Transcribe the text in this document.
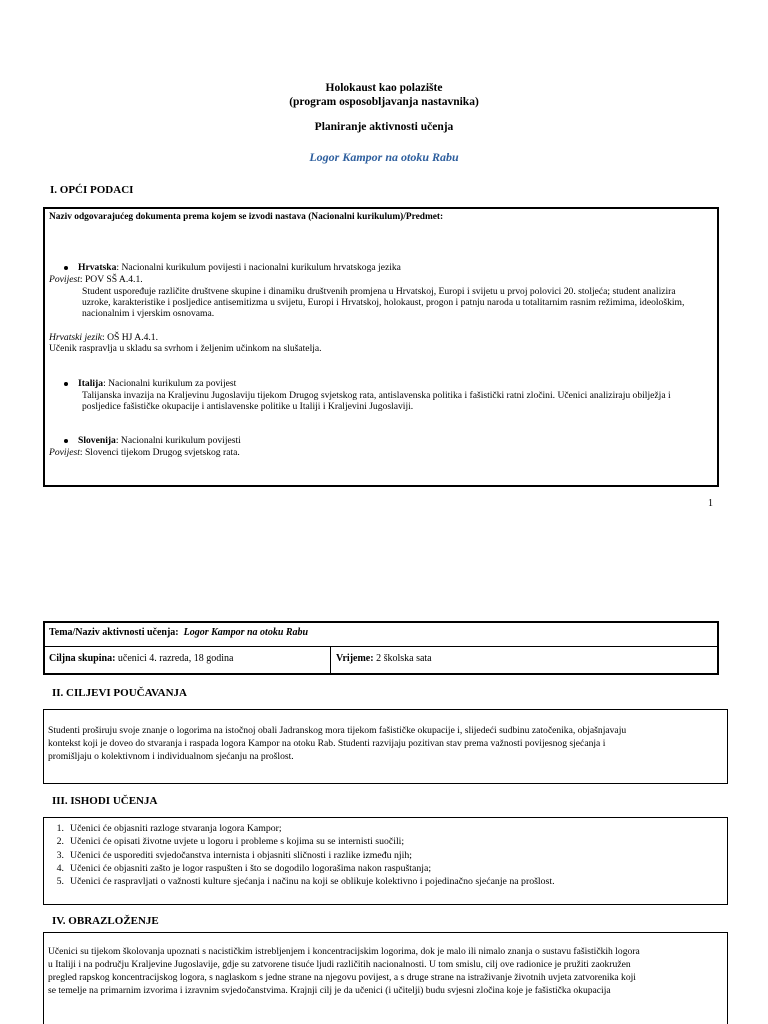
Holokaust kao polazište
(program osposobljavanja nastavnika)
Planiranje aktivnosti učenja
Logor Kampor na otoku Rabu
I. OPĆI PODACI
Naziv odgovarajućeg dokumenta prema kojem se izvodi nastava (Nacionalni kurikulum)/Predmet:
Hrvatska: Nacionalni kurikulum povijesti i nacionalni kurikulum hrvatskoga jezika
Povijest: POV SŠ A.4.1.
Student uspoređuje različite društvene skupine i dinamiku društvenih promjena u Hrvatskoj, Europi i svijetu u prvoj polovici 20. stoljeća; student analizira
uzroke, karakteristike i posljedice antisemitizma u svijetu, Europi i Hrvatskoj, holokaust, progon i patnju naroda u totalitarnim rasnim režimima, ideološkim,
nacionalnim i vjerskim osnovama.
Hrvatski jezik: OŠ HJ A.4.1.
Učenik raspravlja u skladu sa svrhom i željenim učinkom na slušatelja.
Italija: Nacionalni kurikulum za povijest
Talijanska invazija na Kraljevinu Jugoslaviju tijekom Drugog svjetskog rata, antislavenska politika i fašistički ratni zločini. Učenici analiziraju obilježja i
posljedice fašističke okupacije i antislavenske politike u Italiji i Kraljevini Jugoslaviji.
Slovenija: Nacionalni kurikulum povijesti
Povijest: Slovenci tijekom Drugog svjetskog rata.
1
Tema/Naziv aktivnosti učenja: Logor Kampor na otoku Rabu
Ciljna skupina: učenici 4. razreda, 18 godina	Vrijeme: 2 školska sata
II. CILJEVI POUČAVANJA
Studenti proširuju svoje znanje o logorima na istočnoj obali Jadranskog mora tijekom fašističke okupacije i, slijedeći sudbinu zatočenika, objašnjavaju
kontekst koji je doveo do stvaranja i raspada logora Kampor na otoku Rab. Studenti razvijaju pozitivan stav prema važnosti povijesnog sjećanja i
promišljaju o kolektivnom i individualnom sjećanju na prošlost.
III. ISHODI UČENJA
1. Učenici će objasniti razloge stvaranja logora Kampor;
2. Učenici će opisati životne uvjete u logoru i probleme s kojima su se internisti suočili;
3. Učenici će usporediti svjedočanstva internista i objasniti sličnosti i razlike između njih;
4. Učenici će objasniti zašto je logor raspušten i što se dogodilo logorašima nakon raspuštanja;
5. Učenici će raspravljati o važnosti kulture sjećanja i načinu na koji se oblikuje kolektivno i pojedinačno sjećanje na prošlost.
IV. OBRAZLOŽENJE
Učenici su tijekom školovanja upoznati s nacističkim istrebljenjem i koncentracijskim logorima, dok je malo ili nimalo znanja o sustavu fašističkih logora
u Italiji i na području Kraljevine Jugoslavije, gdje su zatvorene tisuće ljudi različitih nacionalnosti. U tom smislu, cilj ove radionice je pružiti zaokružen
pregled rapskog koncentracijskog logora, s naglaskom s jedne strane na njegovu povijest, a s druge strane na istraživanje životnih uvjeta zatvorenika koji
se temelje na primarnim izvorima i izravnim svjedočanstvima. Krajnji cilj je da učenici (i učitelji) budu svjesni zločina koje je fašistička okupacija
